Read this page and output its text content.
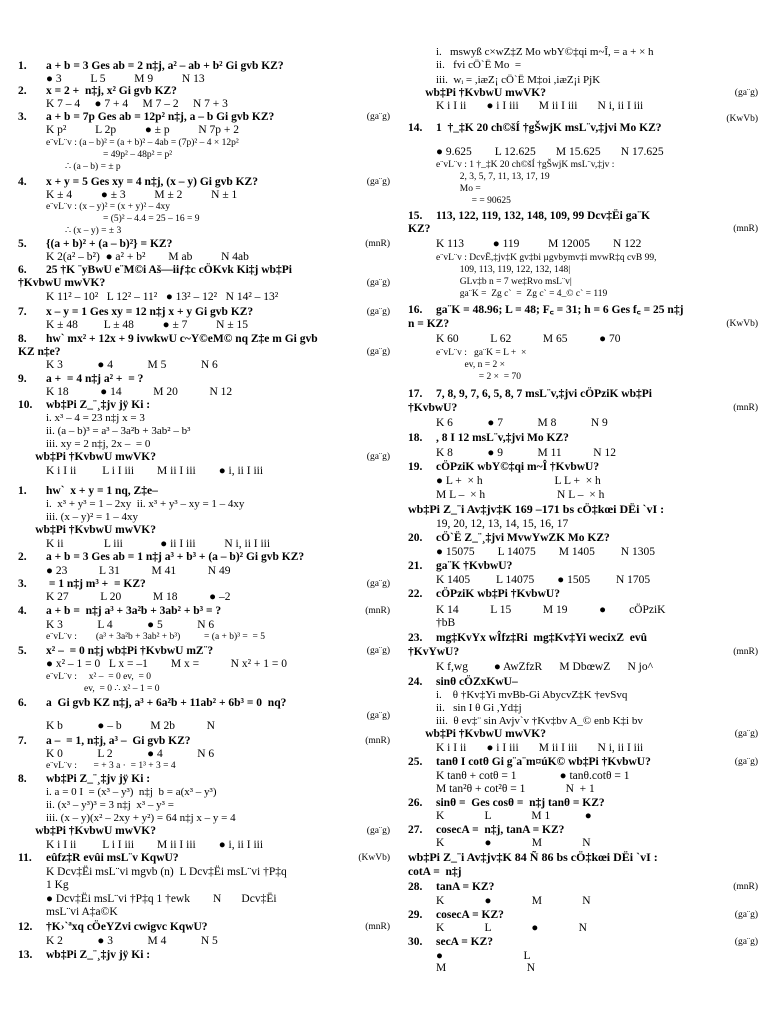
1. a + b = 3 Ges ab = 2 n‡j, a² – ab + b² Gi gvb KZ?
● 3          L 5          M 9          N 13
2. x = 2 +  n‡j, x² Gi gvb KZ?
K 7 – 4     ● 7 + 4     M 7 – 2     N 7 + 3
3. a + b = 7p Ges ab = 12p² n‡j, a – b Gi gvb KZ?	(ga¨g)
K p²          L 2p          ● ± p          N 7p + 2
e¨vL¨v : (a – b)² = (a + b)² – 4ab = (7p)² – 4 × 12p²
= 49p² – 48p² = p²
∴ (a – b) = ± p
4. x + y = 5 Ges xy = 4 n‡j, (x – y) Gi gvb KZ?	(ga¨g)
K ± 4          ● ± 3          M ± 2          N ± 1
e¨vL¨v : (x – y)² = (x + y)² – 4xy
= (5)² – 4.4 = 25 – 16 = 9
∴ (x – y) = ± 3
5. {(a + b)² + (a – b)²} = KZ?	(mnR)
K 2(a² – b²)  ● a² + b²        M ab          N 4ab
6. 25 †K ¨yBwU e¨M©i Aš—iiƒ‡c cÖKvk Ki‡j wb‡Pi
†KvbwU mwVK?	(ga¨g)
K 11² – 10²   L 12² – 11²   ● 13² – 12²   N 14² – 13²
7. x – y = 1 Ges xy = 12 n‡j x + y Gi gvb KZ?	(ga¨g)
K ± 48         L ± 48          ● ± 7          N ± 15
8. hw` mx² + 12x + 9 ivwkwU c~Y©eM© nq Z‡e m Gi gvb
KZ n‡e?	(ga¨g)
K 3            ● 4            M 5            N 6
9. a +  = 4 n‡j a² +  = ?
K 18           ● 14           M 20           N 12
10. wb‡Pi Z_¨¸‡jv jÿ Ki :
i. x³ – 4 = 23 n‡j x = 3
ii. (a – b)³ = a³ – 3a²b + 3ab² – b³
iii. xy = 2 n‡j, 2x –  = 0
wb‡Pi †KvbwU mwVK?	(ga¨g)
K i I ii         L i I iii        M ii I iii        ● i, ii I iii
1. hw`  x + y = 1 nq, Z‡e–
i.  x³ + y³ = 1 – 2xy  ii. x³ + y³ – xy = 1 – 4xy
iii. (x – y)² = 1 – 4xy
wb‡Pi †KvbwU mwVK?
K ii              L iii             ● ii I iii          N i, ii I iii
2. a + b = 3 Ges ab = 1 n‡j a³ + b³ + (a – b)² Gi gvb KZ?
● 23           L 31           M 41           N 49
3. = 1 n‡j m³ +  = KZ?	(ga¨g)
K 27           L 20           M 18           ● –2
4. a + b =  n‡j a³ + 3a²b + 3ab² + b³ = ?	(mnR)
K 3            L 4            ● 5            N 6
e¨vL¨v :        (a³ + 3a²b + 3ab² + b³)          = (a + b)³ =  = 5
5. x² –  = 0 n‡j wb‡Pi †KvbwU mZ¨?	(ga¨g)
● x² – 1 = 0   L x = –1        M x =           N x² + 1 = 0
e¨vL¨v :     x² –  = 0 ev,  = 0
ev,  = 0 ∴ x² – 1 = 0
6. a  Gi gvb KZ n‡j, a³ + 6a²b + 11ab² + 6b³ = 0  nq?
(ga¨g)
K b            ● – b          M 2b           N
7. a –  = 1, n‡j, a³ –  Gi gvb KZ?	(mnR)
K 0            L 2            ● 4            N 6
e¨vL¨v :       = + 3 a ·  = 1³ + 3 = 4
8. wb‡Pi Z_¨¸‡jv jÿ Ki :
i. a = 0 I  = (x³ – y³)  n‡j  b = a(x³ – y³)
ii. (x³ – y³)³ = 3 n‡j  x³ – y³ =
iii. (x – y)(x² – 2xy + y²) = 64 n‡j x – y = 4
wb‡Pi †KvbwU mwVK?	(ga¨g)
K i I ii         L i I iii        M ii I iii        ● i, ii I iii
11. eûfz‡R evûi msL¨v KqwU?	(KwVb)
K Dcv‡Ëi msL¨vi mgvb (n)  L Dcv‡Ëi msL¨vi †P‡q
1 Kg
● Dcv‡Ëi msL¨vi †P‡q 1 †ewk        N       Dcv‡Ëi
msL¨vi A‡a©K
12. †K›`ªxq cÖeYZvi cwigvc KqwU?	(mnR)
K 2            ● 3            M 4            N 5
13. wb‡Pi Z_¨¸‡jv jÿ Ki :
i.   mswyß c×wZ‡Z Mo wbY©‡qi m~Î, = a + × h
ii.   fvi cÖ`Ë Mo  =
iii.  wᵢ = ,iæZ¡ cÖ`Ë M‡oi ,iæZ¡i PjK
wb‡Pi †KvbwU mwVK?	(ga¨g)
K i I ii       ● i I iii       M ii I iii       N i, ii I iii
(KwVb)
14. 1  †_‡K 20 ch©šÍ †gŠwjK msL¨v,‡jvi Mo KZ?
● 9.625        L 12.625       M 15.625       N 17.625
e¨vL¨v : 1 †_‡K 20 ch©šÍ †gŠwjK msL¨v,‡jv :
2, 3, 5, 7, 11, 13, 17, 19
Mo =
= = 90625
15. 113, 122, 119, 132, 148, 109, 99 Dcv‡Ëi ga¨K
KZ?	(mnR)
K 113          ● 119          M 12005        N 122
e¨vL¨v : DcvË,‡jv‡K gv‡bi µgvbymv‡i mvwR‡q cvB 99,
109, 113, 119, 122, 132, 148|
GLv‡b n = 7 we‡Rvo msL¨v|
ga¨K =  Zg c`  =  Zg c` = 4_© c` = 119
16. ga¨K = 48.96; L = 48; F꜀ = 31; h = 6 Ges f꜀ = 25 n‡j
n = KZ?	(KwVb)
K 60           L 62           M 65           ● 70
e¨vL¨v :   ga¨K = L +  ×
ev, n = 2 ×
= 2 ×  = 70
17. 7, 8, 9, 7, 6, 5, 8, 7 msL¨v,‡jvi cÖPziK wb‡Pi
†KvbwU?	(mnR)
K 6            ● 7            M 8            N 9
18. , 8 I 12 msL¨v,‡jvi Mo KZ?
K 8            ● 9            M 11           N 12
19. cÖPziK wbY©‡qi m~Î †KvbwU?
● L +  × h                         L L +  × h
M L –  × h                         N L –  × h
wb‡Pi Z_¨i Av‡jv‡K 169 –171 bs cÖ‡kœi DËi `vI :
19, 20, 12, 13, 14, 15, 16, 17
20. cÖ`Ë Z_¨¸‡jvi MvwYwZK Mo KZ?
● 15075        L 14075        M 1405         N 1305
21. ga¨K †KvbwU?
K 1405         L 14075        ● 1505         N 1705
22. cÖPziK wb‡Pi †KvbwU?
K 14           L 15           M 19           ●        cÖPziK
†bB
23. mg‡KvYx wÎfz‡Ri  mg‡Kv‡Yi wecixZ  evû
†KvYwU?	(mnR)
K f,wg         ● AwZfzR      M DbœwZ      N jo^
24. sinθ cÖZxKwU–
i.    θ †Kv‡Yi mvBb-Gi AbycvZ‡K †evSvq
ii.   sin I θ Gi ,Yd‡j
iii.  θ ev‡¨ sin Avjv`v †Kv‡bv A_© enb K‡i bv
wb‡Pi †KvbwU mwVK?	(ga¨g)
K i I ii       ● i I iii       M ii I iii       N i, ii I iii
25. tanθ I cotθ Gi g¨a¨m¤úK© wb‡Pi †KvbwU?	(ga¨g)
K tanθ + cotθ = 1               ● tanθ.cotθ = 1
M tan²θ + cot²θ = 1              N  + 1
26. sinθ =  Ges cosθ =  n‡j tanθ = KZ?
K              L              M 1            ●
27. cosecA =  n‡j, tanA = KZ?
K              ●              M              N
wb‡Pi Z_¨i Av‡jv‡K 84 Ñ 86 bs cÖ‡kœi DËi `vI :
cotA =  n‡j
28. tanA = KZ?	(mnR)
K              ●              M              N
29. cosecA = KZ?	(ga¨g)
K              L              ●              N
30. secA = KZ?	(ga¨g)
●                            L
M                            N
